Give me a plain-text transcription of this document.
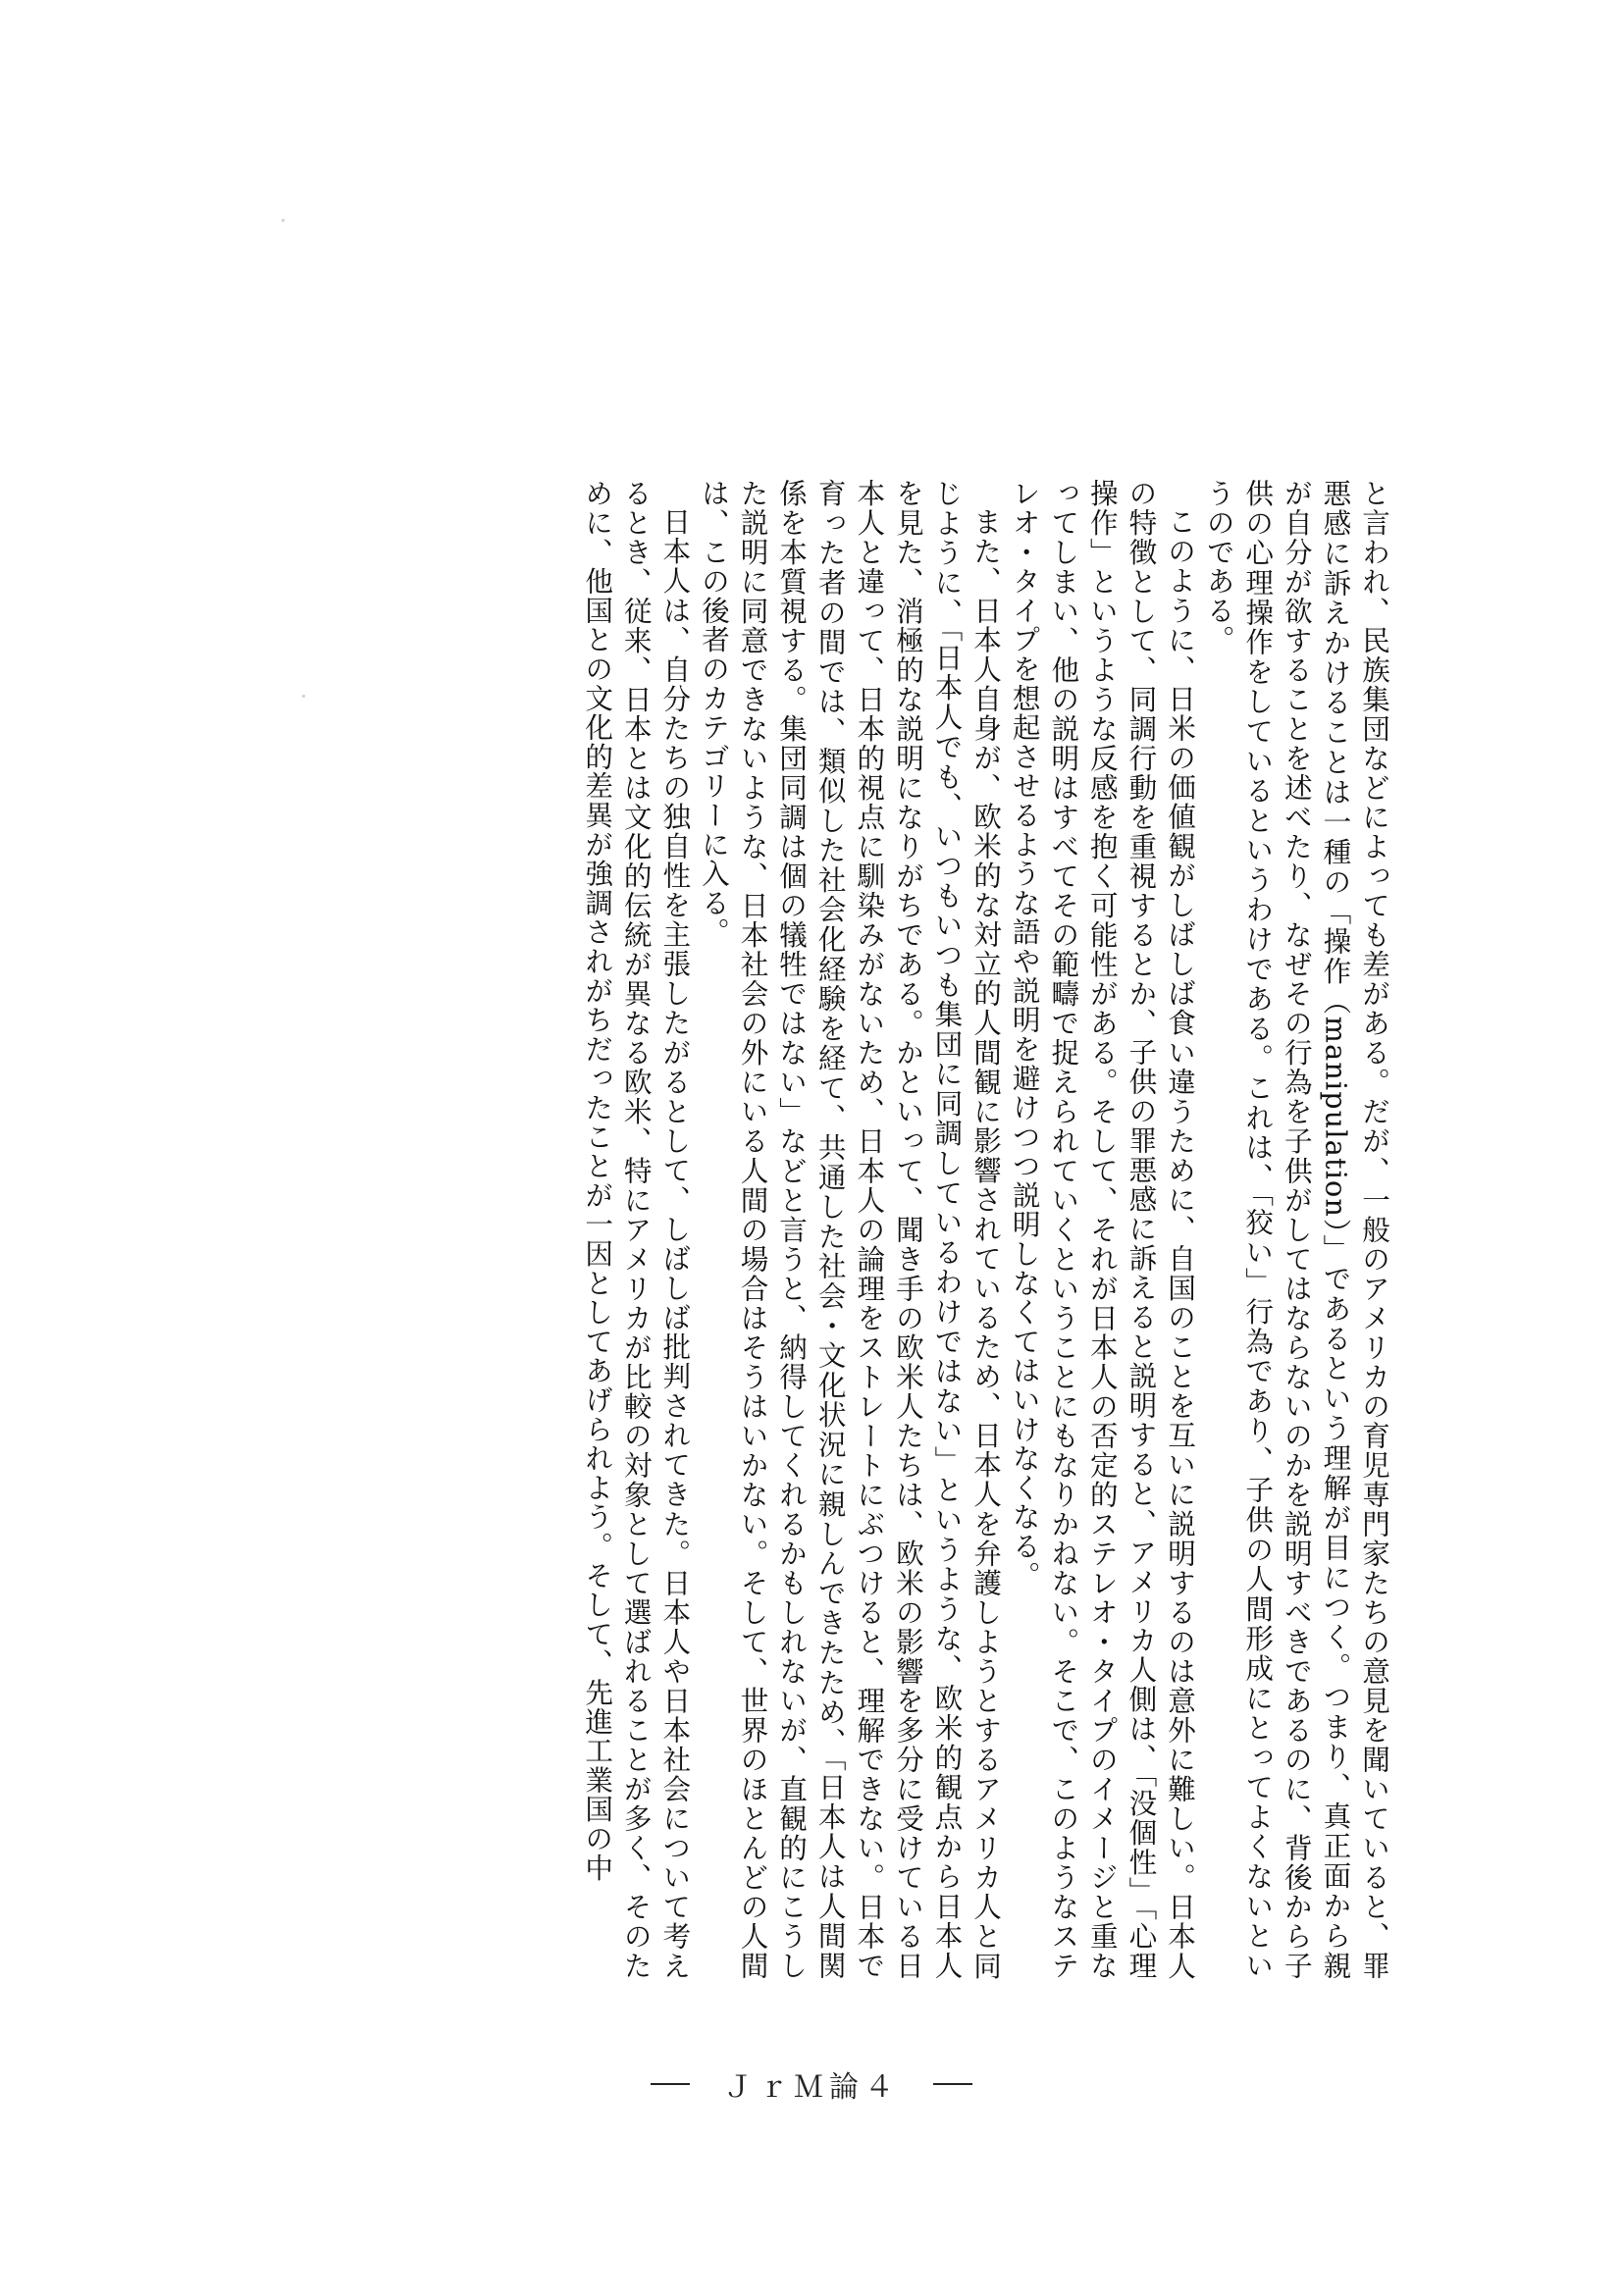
と言われ、民族集団などによっても差がある。だが、一般のアメリカの育児専門家たちの意見を聞いていると、罪悪感に訴えかけることは一種の「操作（manipulation）」であるという理解が目につく。つまり、真正面から親が自分が欲することを述べたり、なぜその行為を子供がしてはならないのかを説明すべきであるのに、背後から子供の心理操作をしているというわけである。これは、「狡い」行為であり、子供の人間形成にとってよくないというのである。

このように、日米の価値観がしばしば食い違うために、自国のことを互いに説明するのは意外に難しい。日本人の特徴として、同調行動を重視するとか、子供の罪悪感に訴えると説明すると、アメリカ人側は、「没個性」「心理操作」というような反感を抱く可能性がある。そして、それが日本人の否定的ステレオ・タイプのイメージと重なってしまい、他の説明はすべてその範疇で捉えられていくということにもなりかねない。そこで、このようなステレオ・タイプを想起させるような語や説明を避けつつ説明しなくてはいけなくなる。

また、日本人自身が、欧米的な対立的人間観に影響されているため、日本人を弁護しようとするアメリカ人と同じように、「日本人でも、いつもいつも集団に同調しているわけではない」というような、欧米的観点から日本人を見た、消極的な説明になりがちである。かといって、聞き手の欧米人たちは、欧米の影響を多分に受けている日本人と違って、日本的視点に馴染みがないため、日本人の論理をストレートにぶつけると、理解できない。日本で育った者の間では、類似した社会化経験を経て、共通した社会・文化状況に親しんできたため、「日本人は人間関係を本質視する。集団同調は個の犠牲ではない」などと言うと、納得してくれるかもしれないが、直観的にこうした説明に同意できないような、日本社会の外にいる人間の場合はそうはいかない。そして、世界のほとんどの人間は、この後者のカテゴリーに入る。

日本人は、自分たちの独自性を主張したがるとして、しばしば批判されてきた。日本人や日本社会について考えるとき、従来、日本とは文化的伝統が異なる欧米、特にアメリカが比較の対象として選ばれることが多く、そのために、他国との文化的差異が強調されがちだったことが一因としてあげられよう。そして、先進工業国の中

ＪｒＭ論４
